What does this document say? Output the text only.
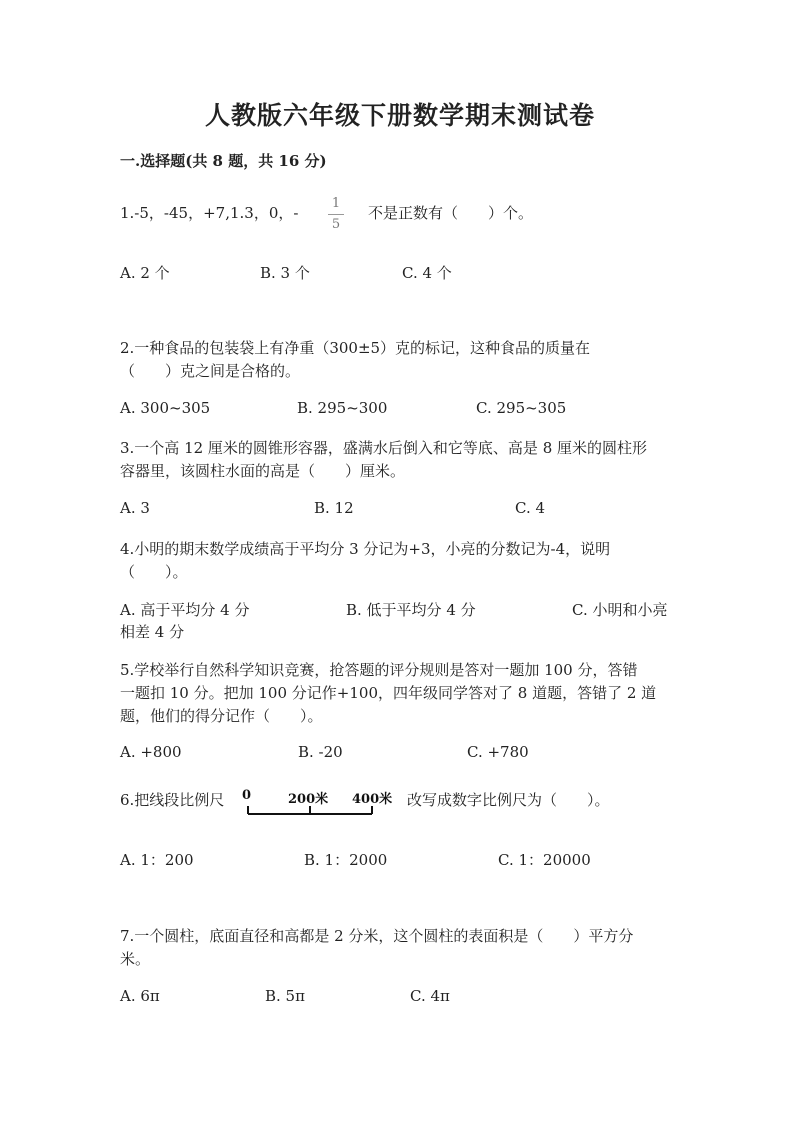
人教版六年级下册数学期末测试卷
一.选择题(共 8 题，共 16 分)
1.-5，-45，+7,1.3，0，-
1
5
不是正数有（　　）个。
A. 2 个	B. 3 个	C. 4 个
2.一种食品的包装袋上有净重（300±5）克的标记，这种食品的质量在
（　　）克之间是合格的。
A. 300~305	B. 295~300	C. 295~305
3.一个高 12 厘米的圆锥形容器，盛满水后倒入和它等底、高是 8 厘米的圆柱形
容器里，该圆柱水面的高是（　　）厘米。
A. 3	B. 12	C. 4
4.小明的期末数学成绩高于平均分 3 分记为+3，小亮的分数记为-4，说明
（　　）。
A. 高于平均分 4 分	B. 低于平均分 4 分	C. 小明和小亮
相差 4 分
5.学校举行自然科学知识竞赛，抢答题的评分规则是答对一题加 100 分，答错
一题扣 10 分。把加 100 分记作+100，四年级同学答对了 8 道题，答错了 2 道
题，他们的得分记作（　　）。
A. +800	B. -20	C. +780
6.把线段比例尺 0	200米 400米 改写成数字比例尺为（　　）。
A. 1：200	B. 1：2000	C. 1：20000
7.一个圆柱，底面直径和高都是 2 分米，这个圆柱的表面积是（　　）平方分
米。
A. 6π	B. 5π	C. 4π
